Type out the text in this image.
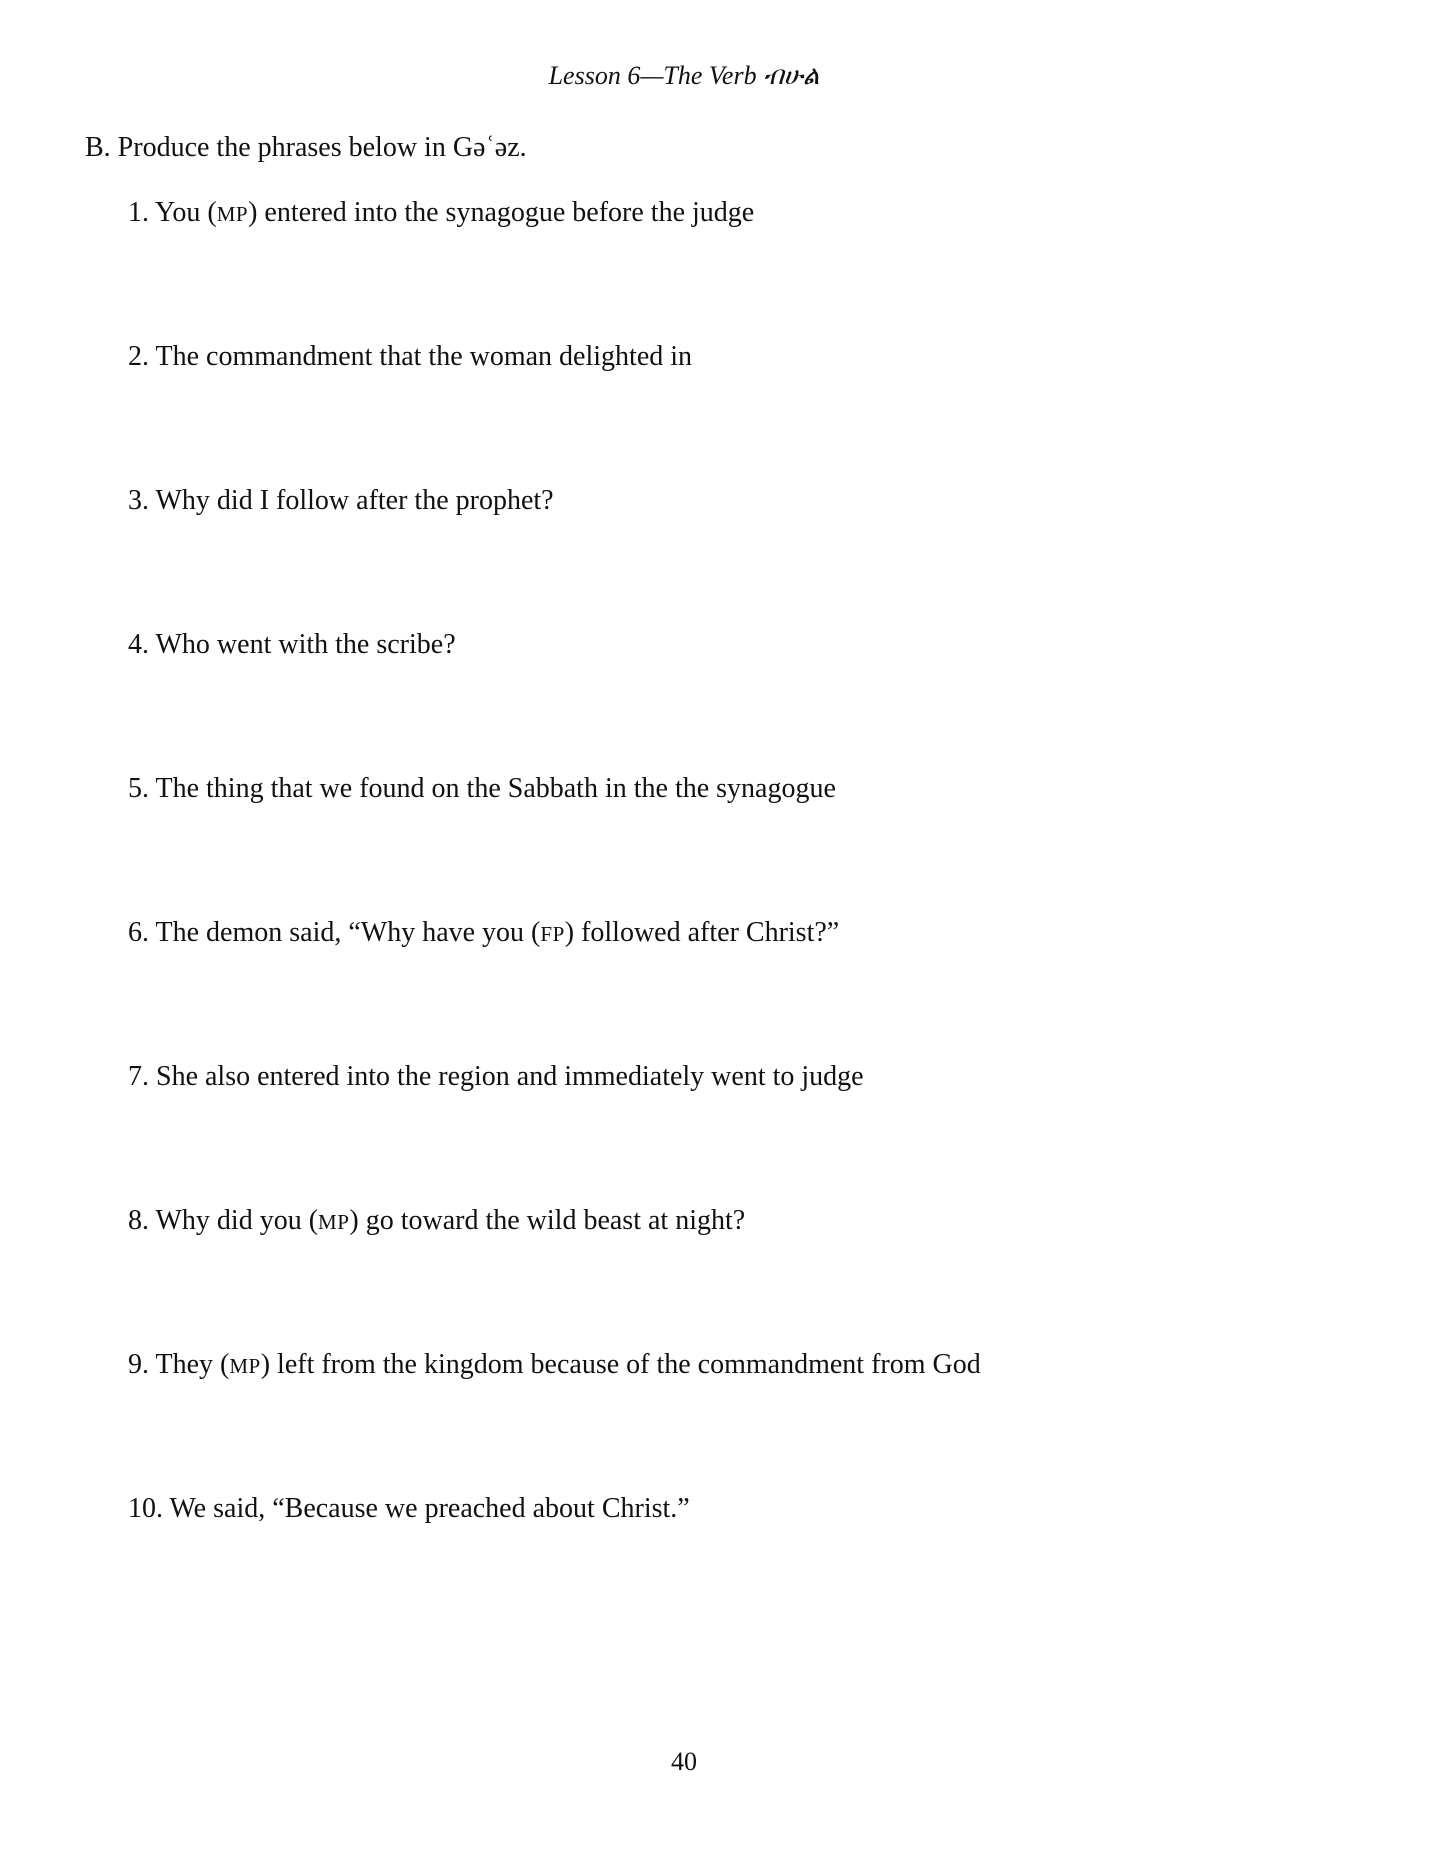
Lesson 6—The Verb ብሁል
B. Produce the phrases below in Gəʿəz.
1. You (MP) entered into the synagogue before the judge
2. The commandment that the woman delighted in
3. Why did I follow after the prophet?
4. Who went with the scribe?
5. The thing that we found on the Sabbath in the the synagogue
6. The demon said, “Why have you (FP) followed after Christ?”
7. She also entered into the region and immediately went to judge
8. Why did you (MP) go toward the wild beast at night?
9. They (MP) left from the kingdom because of the commandment from God
10. We said, “Because we preached about Christ.”
40
